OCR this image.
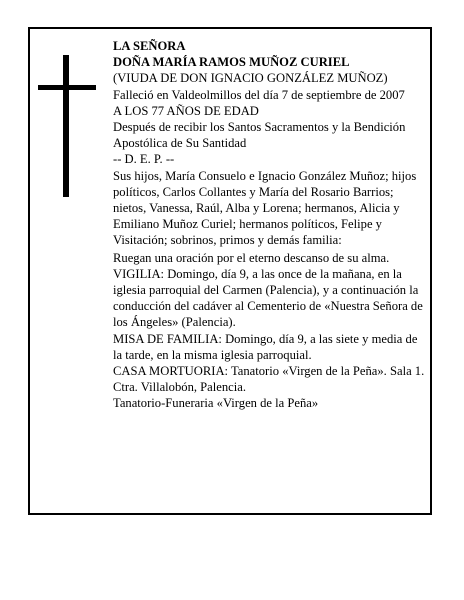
LA SEÑORA

DOÑA MARÍA RAMOS MUÑOZ CURIEL

(VIUDA DE DON IGNACIO GONZÁLEZ MUÑOZ)

Falleció en Valdeolmillos del día 7 de septiembre de 2007

A LOS 77 AÑOS DE EDAD

Después de recibir los Santos Sacramentos y la Bendición Apostólica de Su Santidad

-- D. E. P. --

Sus hijos, María Consuelo e Ignacio González Muñoz; hijos políticos, Carlos Collantes y María del Rosario Barrios; nietos, Vanessa, Raúl, Alba y Lorena; hermanos, Alicia y Emiliano Muñoz Curiel; hermanos políticos, Felipe y Visitación; sobrinos, primos y demás familia:

Ruegan una oración por el eterno descanso de su alma.

VIGILIA: Domingo, día 9, a las once de la mañana, en la iglesia parroquial del Carmen (Palencia), y a continuación la conducción del cadáver al Cementerio de «Nuestra Señora de los Ángeles» (Palencia).

MISA DE FAMILIA: Domingo, día 9, a las siete y media de la tarde, en la misma iglesia parroquial.

CASA MORTUORIA: Tanatorio «Virgen de la Peña». Sala 1. Ctra. Villalobón, Palencia.

Tanatorio-Funeraria «Virgen de la Peña»
